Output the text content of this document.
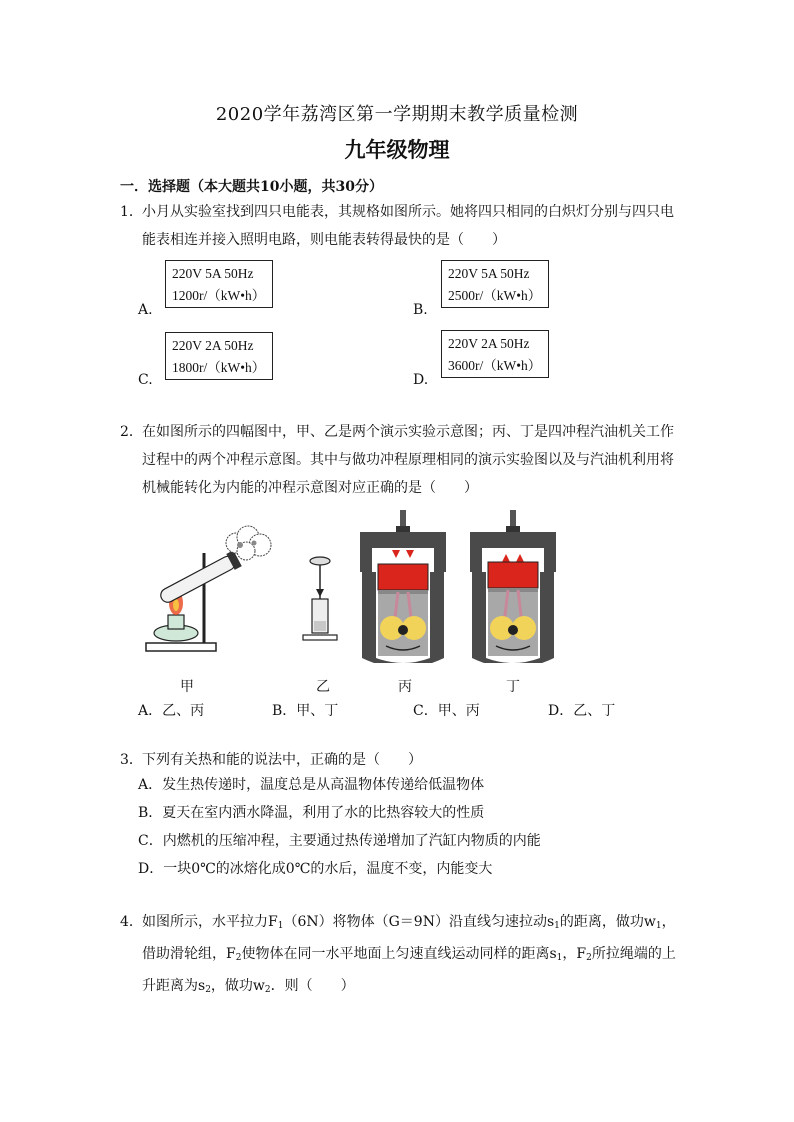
2020学年荔湾区第一学期期末教学质量检测
九年级物理
一．选择题（本大题共10小题，共30分）
1．小月从实验室找到四只电能表，其规格如图所示。她将四只相同的白炽灯分别与四只电
能表相连并接入照明电路，则电能表转得最快的是（　　）
A.
220V 5A 50Hz
1200r/（kW•h）
B.
220V 5A 50Hz
2500r/（kW•h）
C.
220V 2A 50Hz
1800r/（kW•h）
D.
220V 2A 50Hz
3600r/（kW•h）
2．在如图所示的四幅图中，甲、乙是两个演示实验示意图；丙、丁是四冲程汽油机关工作
过程中的两个冲程示意图。其中与做功冲程原理相同的演示实验图以及与汽油机利用将
机械能转化为内能的冲程示意图对应正确的是（　　）
甲	乙	丙	丁
A．乙、丙	B．甲、丁	C．甲、丙	D．乙、丁
3．下列有关热和能的说法中，正确的是（　　）
A．发生热传递时，温度总是从高温物体传递给低温物体
B．夏天在室内洒水降温，利用了水的比热容较大的性质
C．内燃机的压缩冲程，主要通过热传递增加了汽缸内物质的内能
D．一块0℃的冰熔化成0℃的水后，温度不变，内能变大
4．如图所示，水平拉力$F_1(6N)$将物体（G＝9N）沿直线匀速拉动$s_1$的距离，做功$w_1$，
借助滑轮组，$F_2$使物体在同一水平地面上匀速直线运动同样的距离$s_1$，$F_2$所拉绳端的上
升距离为$s_2$，做功$w_2$．则（　　）
